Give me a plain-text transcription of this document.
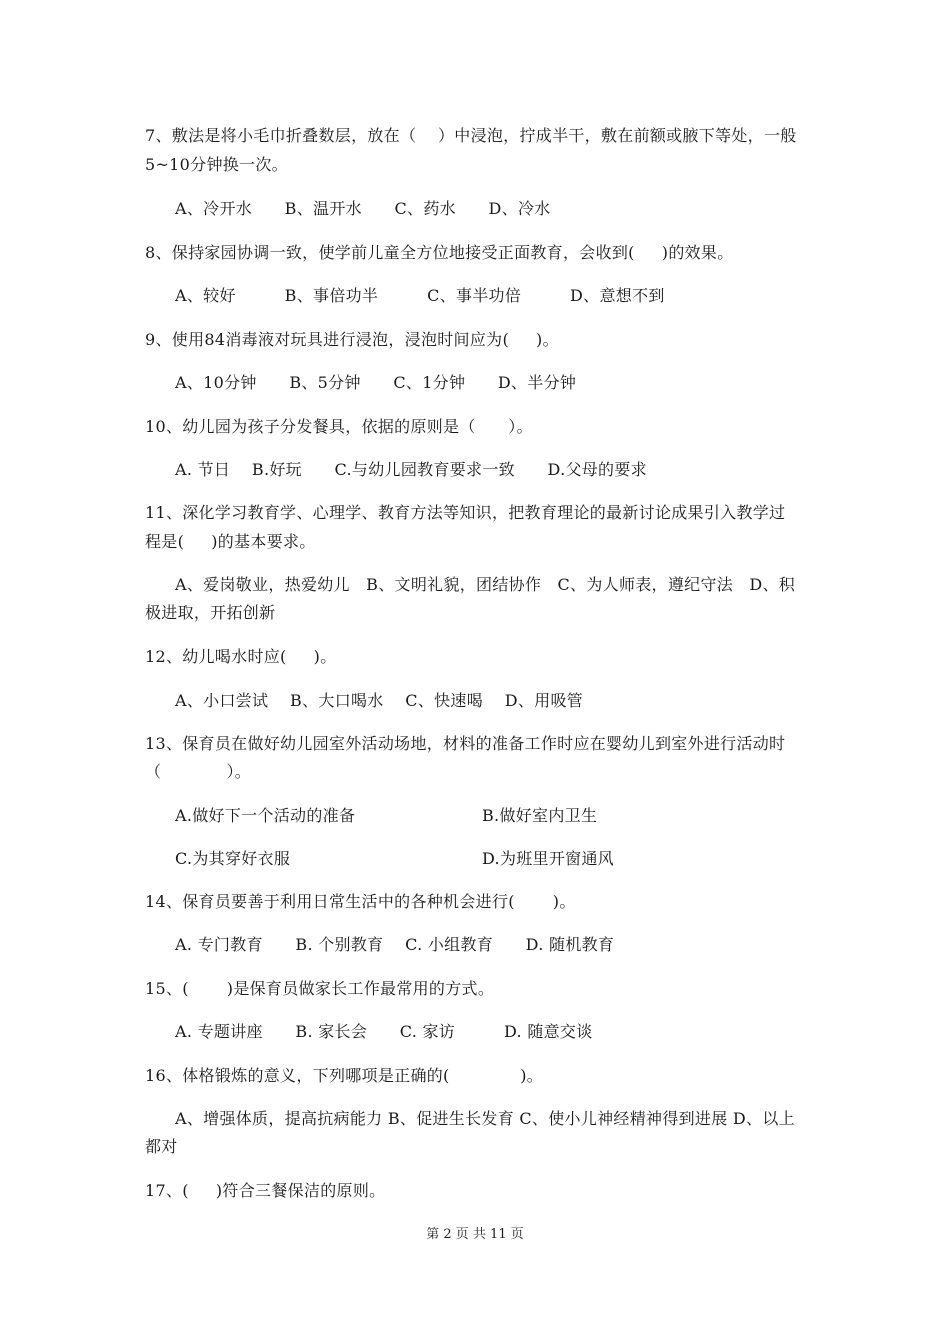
7、敷法是将小毛巾折叠数层，放在（　 ）中浸泡，拧成半干，敷在前额或腋下等处，一般
5~10分钟换一次。
A、冷开水　　B、温开水　　C、药水　　D、冷水
8、保持家园协调一致，使学前儿童全方位地接受正面教育，会收到(　  )的效果。
A、较好　　　B、事倍功半　　　C、事半功倍　　　D、意想不到
9、使用84消毒液对玩具进行浸泡，浸泡时间应为(　  )。
A、10分钟　　B、5分钟　　C、1分钟　　D、半分钟
10、幼儿园为孩子分发餐具，依据的原则是（　　）。
A. 节日　 B.好玩　　C.与幼儿园教育要求一致　　D.父母的要求
11、深化学习教育学、心理学、教育方法等知识，把教育理论的最新讨论成果引入教学过
程是(　  )的基本要求。
A、爱岗敬业，热爱幼儿　B、文明礼貌，团结协作　C、为人师表，遵纪守法　D、积
极进取，开拓创新
12、幼儿喝水时应(　  )。
A、小口尝试　 B、大口喝水　 C、快速喝　 D、用吸管
13、保育员在做好幼儿园室外活动场地，材料的准备工作时应在婴幼儿到室外进行活动时
（　　　　）。
A.做好下一个活动的准备	B.做好室内卫生
C.为其穿好衣服	D.为班里开窗通风
14、保育员要善于利用日常生活中的各种机会进行(　　 )。
A. 专门教育　　B. 个别教育　 C. 小组教育　　D. 随机教育
15、(　　 )是保育员做家长工作最常用的方式。
A. 专题讲座　　B. 家长会　　C. 家访　　　D. 随意交谈
16、体格锻炼的意义，下列哪项是正确的(　　　　 )。
A、增强体质，提高抗病能力 B、促进生长发育 C、使小儿神经精神得到进展 D、以上
都对
17、(　  )符合三餐保洁的原则。
第 2 页 共 11 页
